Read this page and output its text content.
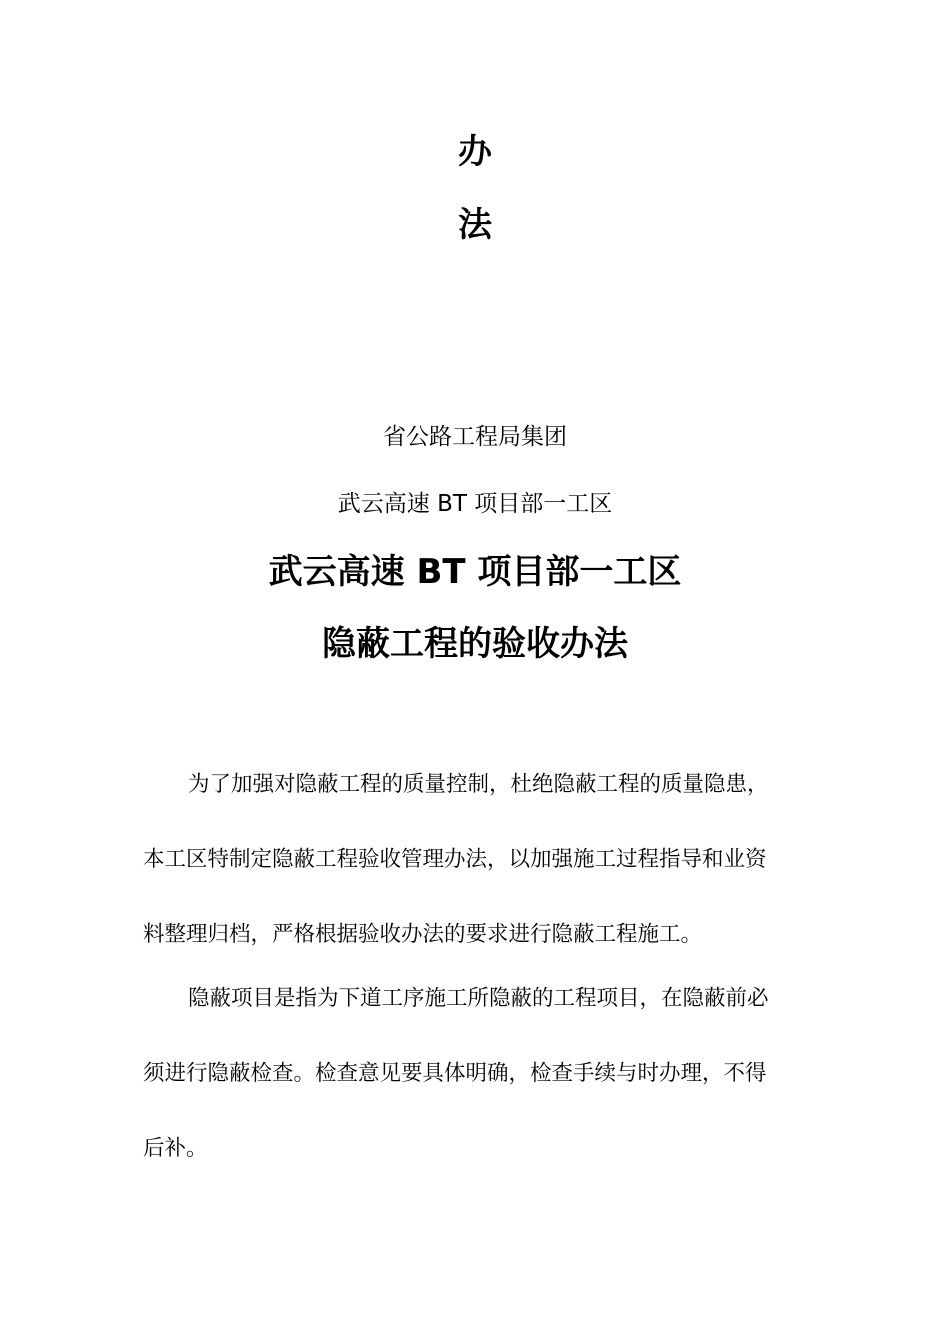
办
法
省公路工程局集团
武云高速 BT 项目部一工区
武云高速 BT 项目部一工区
隐蔽工程的验收办法
为了加强对隐蔽工程的质量控制，杜绝隐蔽工程的质量隐患，
本工区特制定隐蔽工程验收管理办法，以加强施工过程指导和业资
料整理归档，严格根据验收办法的要求进行隐蔽工程施工。
隐蔽项目是指为下道工序施工所隐蔽的工程项目，在隐蔽前必
须进行隐蔽检查。检查意见要具体明确，检查手续与时办理，不得
后补。
